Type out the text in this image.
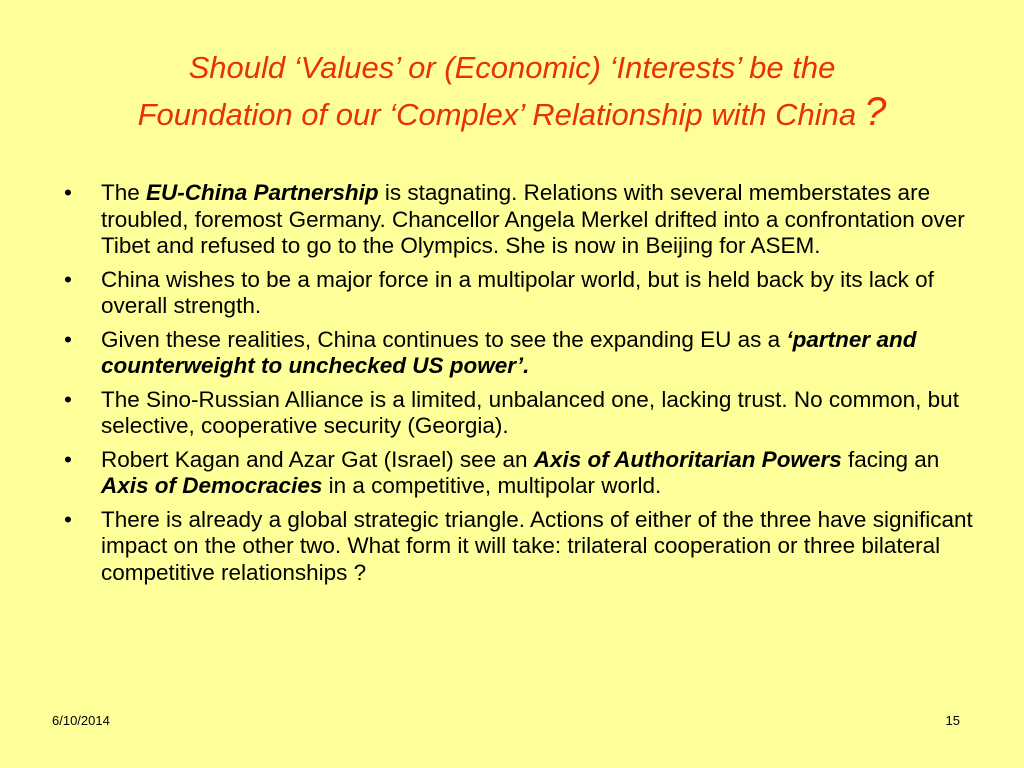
Should ‘Values’ or (Economic) ‘Interests’ be the
Foundation of our ‘Complex’ Relationship with China ?
• The EU-China Partnership is stagnating. Relations with several memberstates are troubled, foremost Germany. Chancellor Angela Merkel drifted into a confrontation over Tibet and refused to go to the Olympics. She is now in Beijing for ASEM.
• China wishes to be a major force in a multipolar world, but is held back by its lack of overall strength.
• Given these realities, China continues to see the expanding EU as a ‘partner and counterweight to unchecked US power’.
• The Sino-Russian Alliance is a limited, unbalanced one, lacking trust. No common, but selective, cooperative security (Georgia).
• Robert Kagan and Azar Gat (Israel) see an Axis of Authoritarian Powers facing an Axis of Democracies in a competitive, multipolar world.
• There is already a global strategic triangle. Actions of either of the three have significant impact on the other two. What form it will take: trilateral cooperation or three bilateral competitive relationships ?
6/10/2014	15
